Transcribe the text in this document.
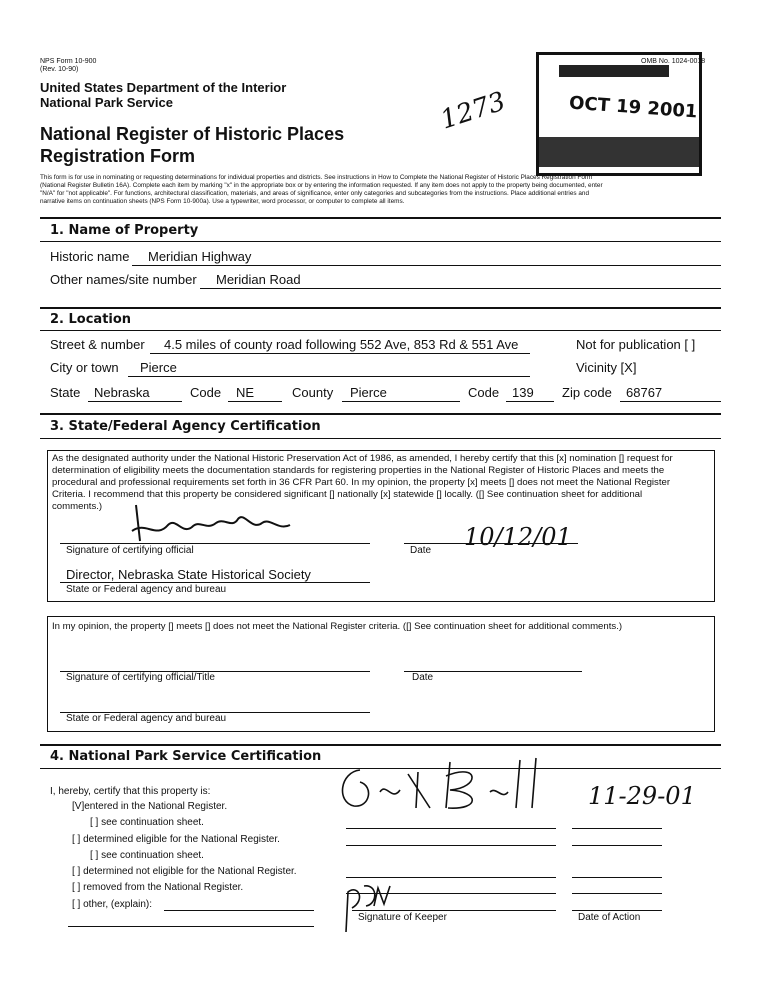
NPS Form 10-900
(Rev. 10-90)
OMB No. 1024-0018
United States Department of the Interior
National Park Service
National Register of Historic Places
Registration Form
This form is for use in nominating or requesting determinations for individual properties and districts. See instructions in How to Complete the National Register of Historic Places Registration Form
(National Register Bulletin 16A). Complete each item by marking "x" in the appropriate box or by entering the information requested. If any item does not apply to the property being documented, enter
"N/A" for "not applicable". For functions, architectural classification, materials, and areas of significance, enter only categories and subcategories from the instructions. Place additional entries and
narrative items on continuation sheets (NPS Form 10-900a). Use a typewriter, word processor, or computer to complete all items.
OCT 19 2001
1273
1. Name of Property
Historic name Meridian Highway
Other names/site number Meridian Road
2. Location
Street & number 4.5 miles of county road following 552 Ave, 853 Rd & 551 Ave	Not for publication [ ]
City or town Pierce	Vicinity [X]
State Nebraska	Code NE	County Pierce	Code 139 Zip code 68767
3. State/Federal Agency Certification
As the designated authority under the National Historic Preservation Act of 1986, as amended, I hereby certify that this [x] nomination [] request for
determination of eligibility meets the documentation standards for registering properties in the National Register of Historic Places and meets the
procedural and professional requirements set forth in 36 CFR Part 60. In my opinion, the property [x] meets [] does not meet the National Register
Criteria. I recommend that this property be considered significant [] nationally [x] statewide [] locally. ([] See continuation sheet for additional
comments.)
Signature of certifying official	10/12/01
Date
Director, Nebraska State Historical Society
State or Federal agency and bureau
In my opinion, the property [] meets [] does not meet the National Register criteria. ([] See continuation sheet for additional comments.)
Signature of certifying official/Title	Date
State or Federal agency and bureau
4. National Park Service Certification
I, hereby, certify that this property is:
[V]entered in the National Register.
[ ] see continuation sheet.
[ ] determined eligible for the National Register.
[ ] see continuation sheet.
[ ] determined not eligible for the National Register.
[ ] removed from the National Register.
[ ] other, (explain):
11-29-01
Signature of Keeper	Date of Action
